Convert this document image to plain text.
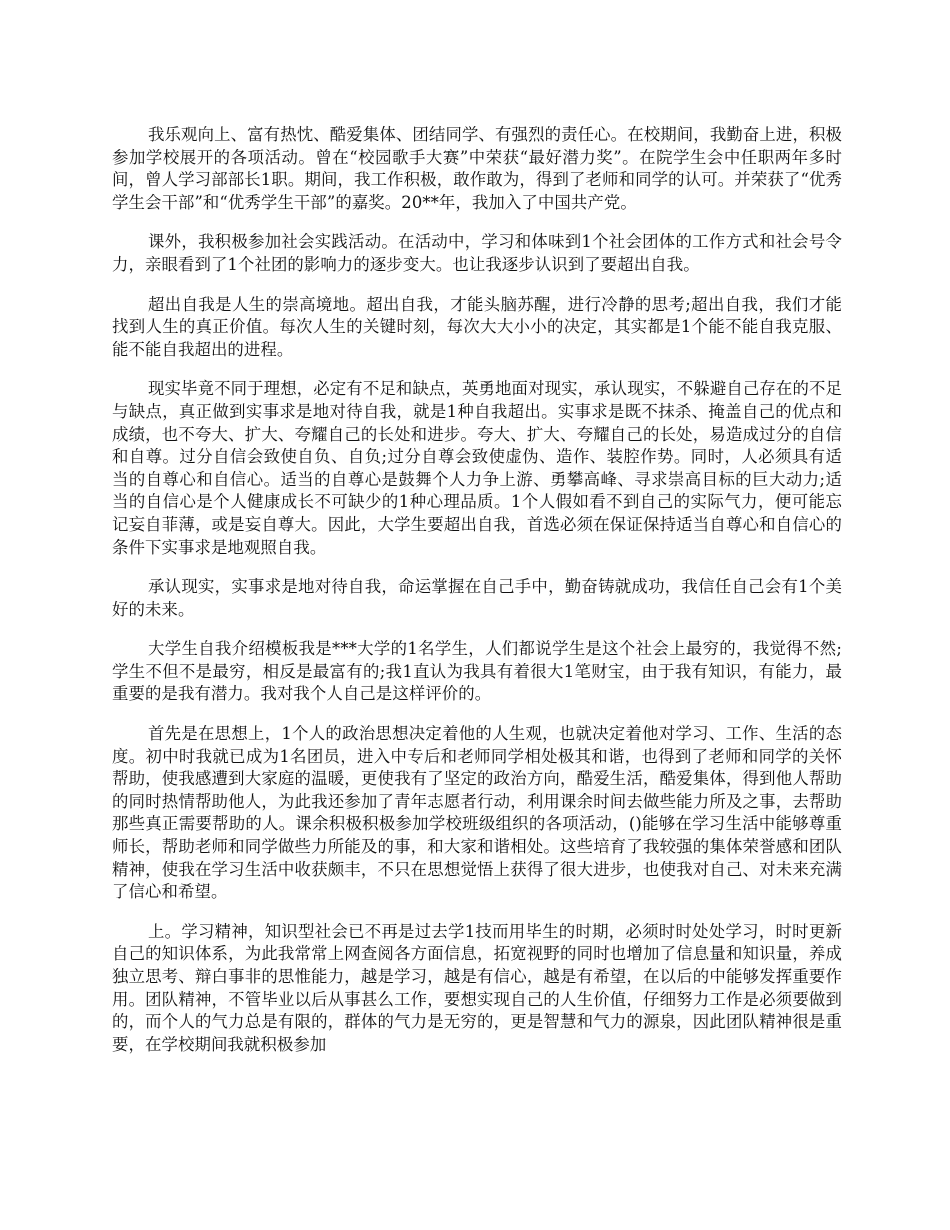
我乐观向上、富有热忱、酷爱集体、团结同学、有强烈的责任心。在校期间，我勤奋上进，积极参加学校展开的各项活动。曾在“校园歌手大赛”中荣获“最好潜力奖”。在院学生会中任职两年多时间，曾人学习部部长1职。期间，我工作积极，敢作敢为，得到了老师和同学的认可。并荣获了“优秀学生会干部”和“优秀学生干部”的嘉奖。20**年，我加入了中国共产党。

课外，我积极参加社会实践活动。在活动中，学习和体味到1个社会团体的工作方式和社会号令力，亲眼看到了1个社团的影响力的逐步变大。也让我逐步认识到了要超出自我。

超出自我是人生的崇高境地。超出自我，才能头脑苏醒，进行冷静的思考;超出自我，我们才能找到人生的真正价值。每次人生的关键时刻，每次大大小小的决定，其实都是1个能不能自我克服、能不能自我超出的进程。

现实毕竟不同于理想，必定有不足和缺点，英勇地面对现实，承认现实，不躲避自己存在的不足与缺点，真正做到实事求是地对待自我，就是1种自我超出。实事求是既不抹杀、掩盖自己的优点和成绩，也不夸大、扩大、夸耀自己的长处和进步。夸大、扩大、夸耀自己的长处，易造成过分的自信和自尊。过分自信会致使自负、自负;过分自尊会致使虚伪、造作、装腔作势。同时，人必须具有适当的自尊心和自信心。适当的自尊心是鼓舞个人力争上游、勇攀高峰、寻求崇高目标的巨大动力;适当的自信心是个人健康成长不可缺少的1种心理品质。1个人假如看不到自己的实际气力，便可能忘记妄自菲薄，或是妄自尊大。因此，大学生要超出自我，首选必须在保证保持适当自尊心和自信心的条件下实事求是地观照自我。

承认现实，实事求是地对待自我，命运掌握在自己手中，勤奋铸就成功，我信任自己会有1个美好的未来。

大学生自我介绍模板我是***大学的1名学生，人们都说学生是这个社会上最穷的，我觉得不然;学生不但不是最穷，相反是最富有的;我1直认为我具有着很大1笔财宝，由于我有知识，有能力，最重要的是我有潜力。我对我个人自己是这样评价的。

首先是在思想上，1个人的政治思想决定着他的人生观，也就决定着他对学习、工作、生活的态度。初中时我就已成为1名团员，进入中专后和老师同学相处极其和谐，也得到了老师和同学的关怀帮助，使我感遭到大家庭的温暖，更使我有了坚定的政治方向，酷爱生活，酷爱集体，得到他人帮助的同时热情帮助他人，为此我还参加了青年志愿者行动，利用课余时间去做些能力所及之事，去帮助那些真正需要帮助的人。课余积极积极参加学校班级组织的各项活动，()能够在学习生活中能够尊重师长，帮助老师和同学做些力所能及的事，和大家和谐相处。这些培育了我较强的集体荣誉感和团队精神，使我在学习生活中收获颇丰，不只在思想觉悟上获得了很大进步，也使我对自己、对未来充满了信心和希望。

上。学习精神，知识型社会已不再是过去学1技而用毕生的时期，必须时时处处学习，时时更新自己的知识体系，为此我常常上网查阅各方面信息，拓宽视野的同时也增加了信息量和知识量，养成独立思考、辩白事非的思惟能力，越是学习，越是有信心，越是有希望，在以后的中能够发挥重要作用。团队精神，不管毕业以后从事甚么工作，要想实现自己的人生价值，仔细努力工作是必须要做到的，而个人的气力总是有限的，群体的气力是无穷的，更是智慧和气力的源泉，因此团队精神很是重要，在学校期间我就积极参加
